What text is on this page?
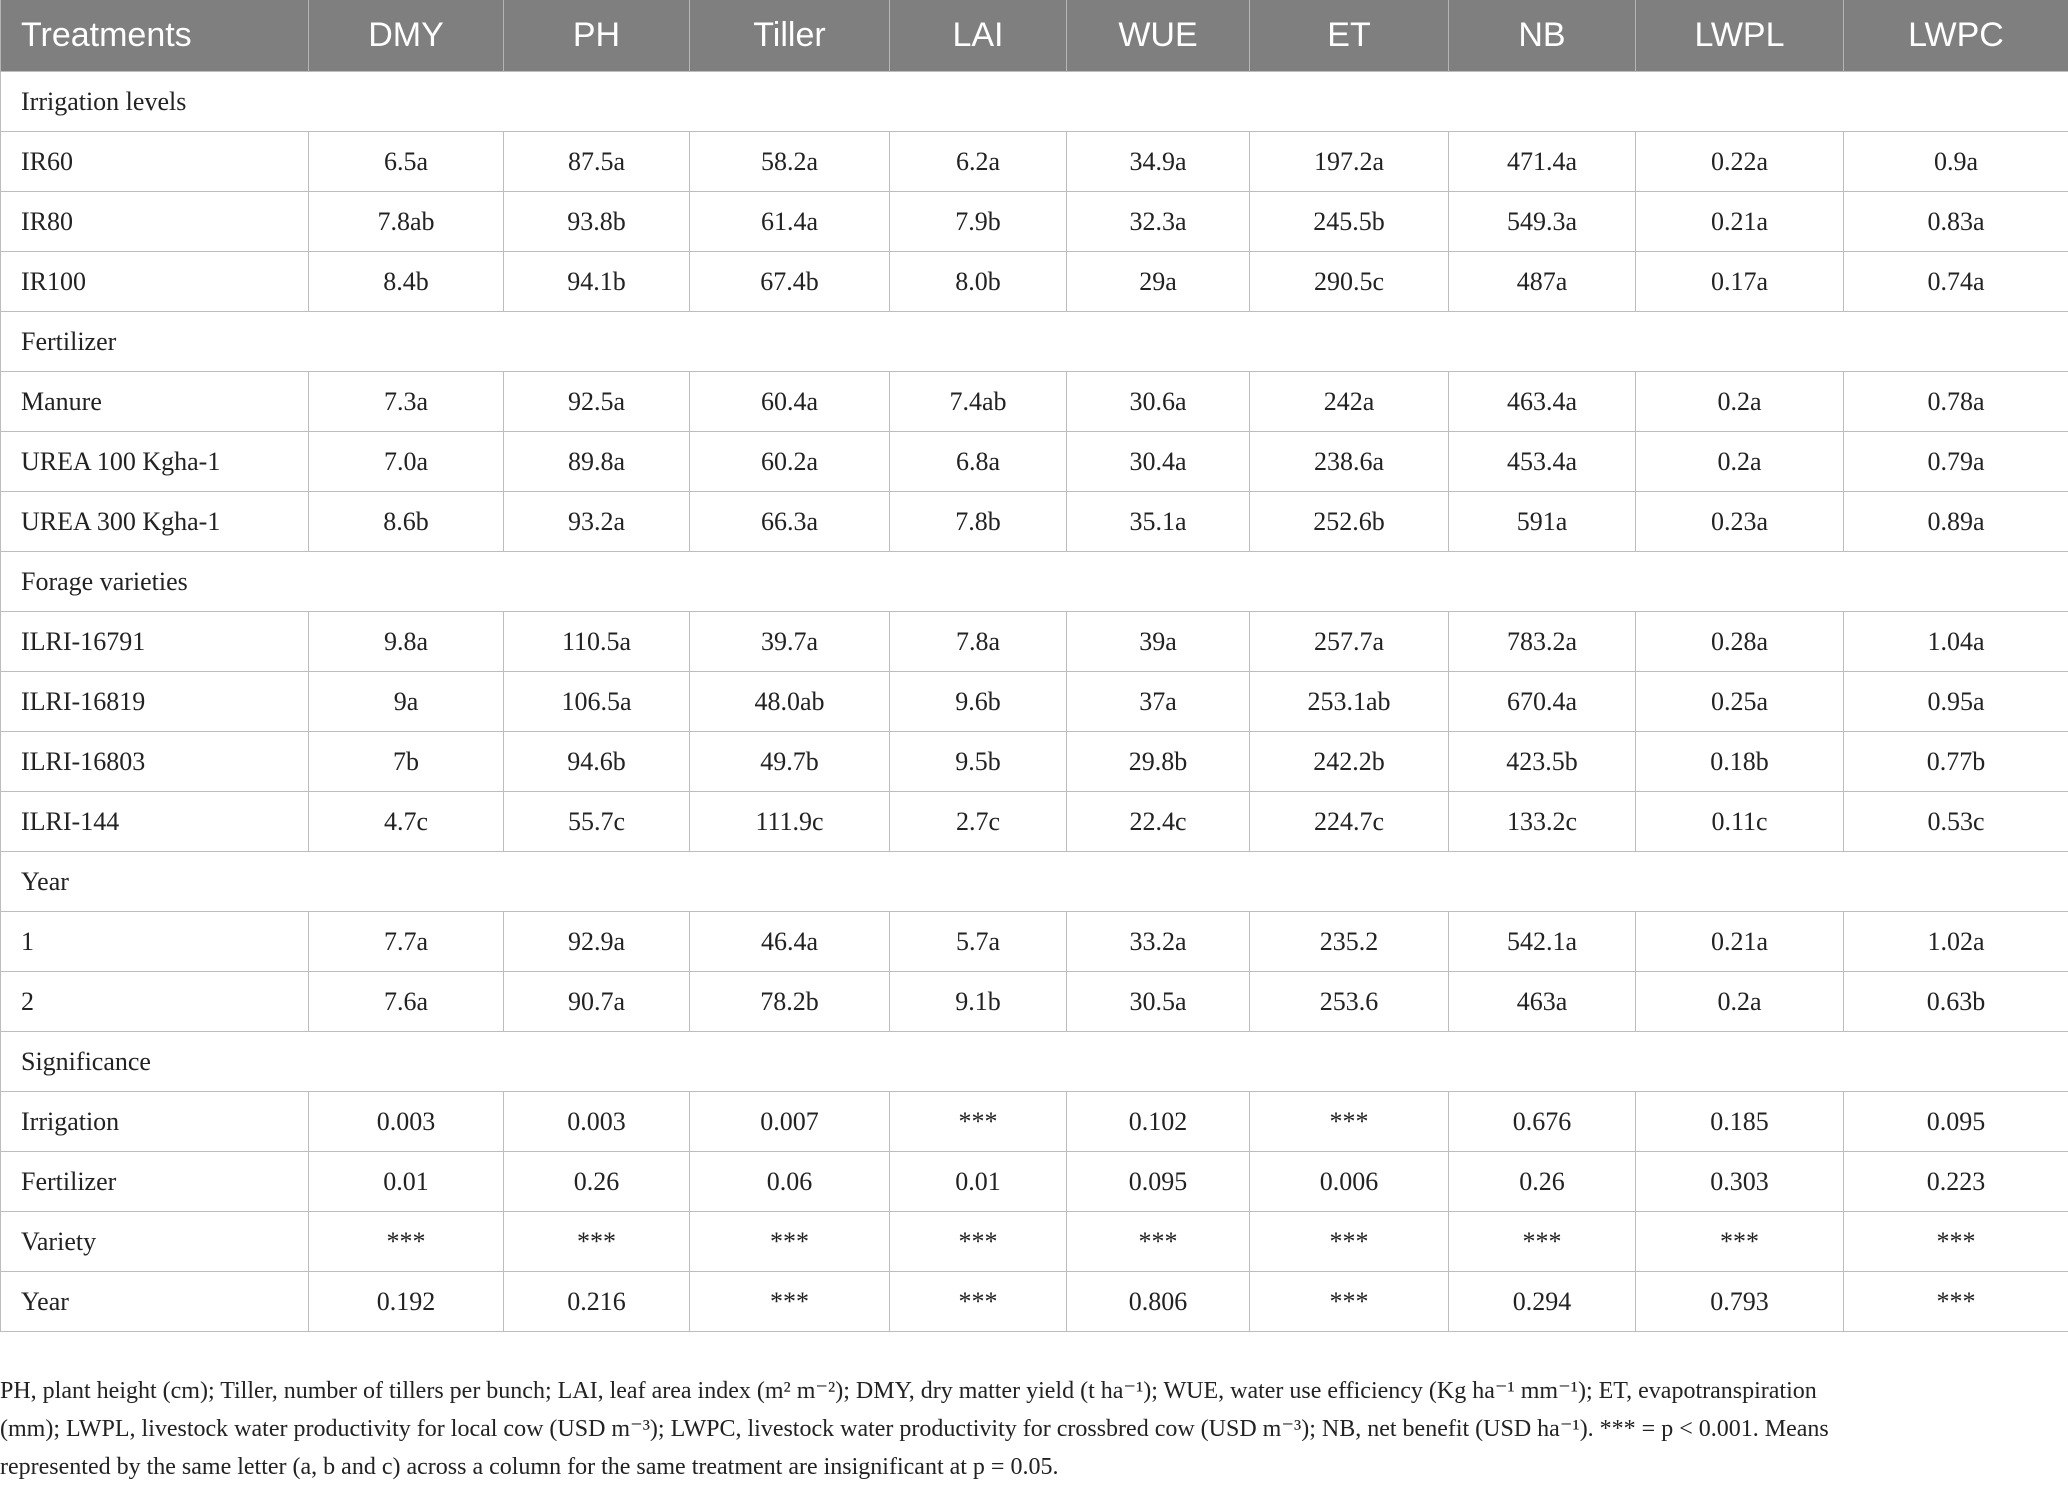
Treatments	DMY	PH	Tiller	LAI	WUE	ET	NB	LWPL	LWPC
Irrigation levels									
IR60	6.5a	87.5a	58.2a	6.2a	34.9a	197.2a	471.4a	0.22a	0.9a
IR80	7.8ab	93.8b	61.4a	7.9b	32.3a	245.5b	549.3a	0.21a	0.83a
IR100	8.4b	94.1b	67.4b	8.0b	29a	290.5c	487a	0.17a	0.74a
Fertilizer									
Manure	7.3a	92.5a	60.4a	7.4ab	30.6a	242a	463.4a	0.2a	0.78a
UREA 100 Kgha-1	7.0a	89.8a	60.2a	6.8a	30.4a	238.6a	453.4a	0.2a	0.79a
UREA 300 Kgha-1	8.6b	93.2a	66.3a	7.8b	35.1a	252.6b	591a	0.23a	0.89a
Forage varieties									
ILRI-16791	9.8a	110.5a	39.7a	7.8a	39a	257.7a	783.2a	0.28a	1.04a
ILRI-16819	9a	106.5a	48.0ab	9.6b	37a	253.1ab	670.4a	0.25a	0.95a
ILRI-16803	7b	94.6b	49.7b	9.5b	29.8b	242.2b	423.5b	0.18b	0.77b
ILRI-144	4.7c	55.7c	111.9c	2.7c	22.4c	224.7c	133.2c	0.11c	0.53c
Year									
1	7.7a	92.9a	46.4a	5.7a	33.2a	235.2	542.1a	0.21a	1.02a
2	7.6a	90.7a	78.2b	9.1b	30.5a	253.6	463a	0.2a	0.63b
Significance									
Irrigation	0.003	0.003	0.007	***	0.102	***	0.676	0.185	0.095
Fertilizer	0.01	0.26	0.06	0.01	0.095	0.006	0.26	0.303	0.223
Variety	***	***	***	***	***	***	***	***	***
Year	0.192	0.216	***	***	0.806	***	0.294	0.793	***
PH, plant height (cm); Tiller, number of tillers per bunch; LAI, leaf area index (m² m⁻²); DMY, dry matter yield (t ha⁻¹); WUE, water use efficiency (Kg ha⁻¹ mm⁻¹); ET, evapotranspiration
(mm); LWPL, livestock water productivity for local cow (USD m⁻³); LWPC, livestock water productivity for crossbred cow (USD m⁻³); NB, net benefit (USD ha⁻¹). *** = p < 0.001. Means
represented by the same letter (a, b and c) across a column for the same treatment are insignificant at p = 0.05.
